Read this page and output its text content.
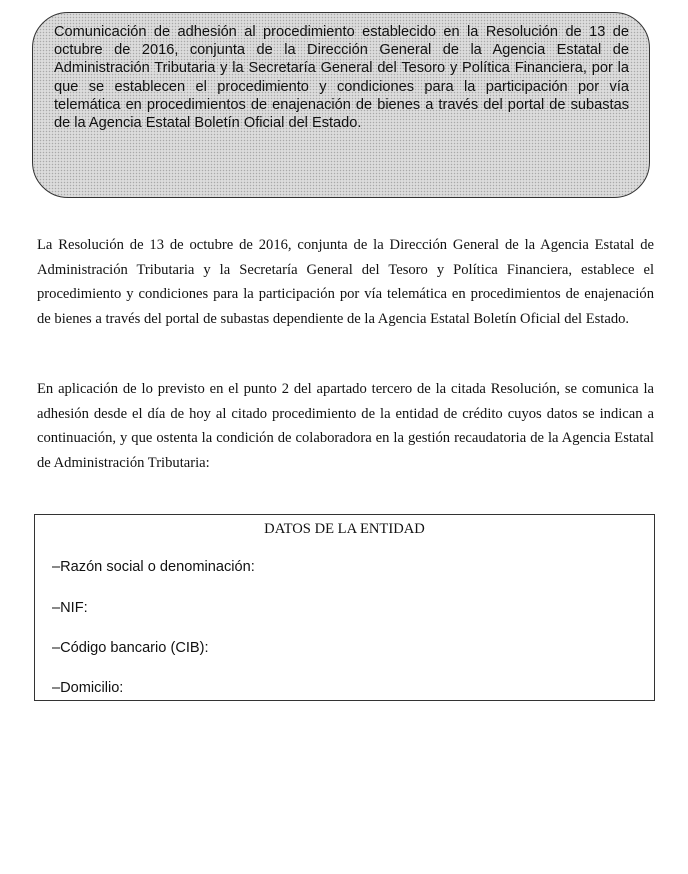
Comunicación de adhesión al procedimiento establecido en la Resolución de 13 de octubre de 2016, conjunta de la Dirección General de la Agencia Estatal de Administración Tributaria y la Secretaría General del Tesoro y Política Financiera, por la que se establecen el procedimiento y condiciones para la participación por vía telemática en procedimientos de enajenación de bienes a través del portal de subastas de la Agencia Estatal Boletín Oficial del Estado.

La Resolución de 13 de octubre de 2016, conjunta de la Dirección General de la Agencia Estatal de Administración Tributaria y la Secretaría General del Tesoro y Política Financiera, establece el procedimiento y condiciones para la participación por vía telemática en procedimientos de enajenación de bienes a través del portal de subastas dependiente de la Agencia Estatal Boletín Oficial del Estado.

En aplicación de lo previsto en el punto 2 del apartado tercero de la citada Resolución, se comunica la adhesión desde el día de hoy al citado procedimiento de la entidad de crédito cuyos datos se indican a continuación, y que ostenta la condición de colaboradora en la gestión recaudatoria de la Agencia Estatal de Administración Tributaria:

DATOS DE LA ENTIDAD
–Razón social o denominación:
–NIF:
–Código bancario (CIB):
–Domicilio:
